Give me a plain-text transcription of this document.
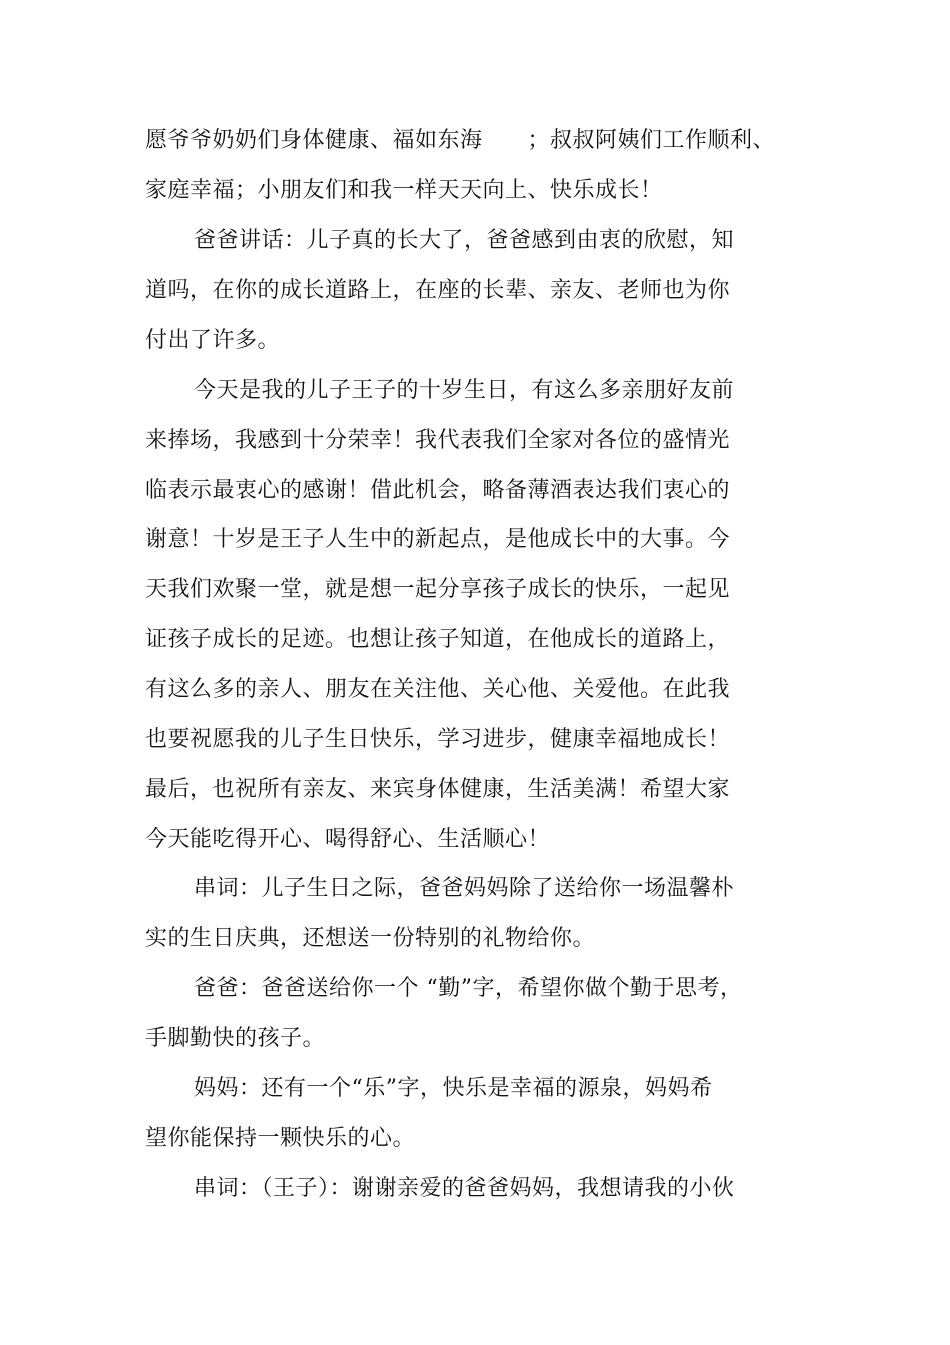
愿爷爷奶奶们身体健康、福如东海      ；叔叔阿姨们工作顺利、
家庭幸福；小朋友们和我一样天天向上、快乐成长！
爸爸讲话：儿子真的长大了，爸爸感到由衷的欣慰，知
道吗，在你的成长道路上，在座的长辈、亲友、老师也为你
付出了许多。
今天是我的儿子王子的十岁生日，有这么多亲朋好友前
来捧场，我感到十分荣幸！我代表我们全家对各位的盛情光
临表示最衷心的感谢！借此机会，略备薄酒表达我们衷心的
谢意！十岁是王子人生中的新起点，是他成长中的大事。今
天我们欢聚一堂，就是想一起分享孩子成长的快乐，一起见
证孩子成长的足迹。也想让孩子知道，在他成长的道路上，
有这么多的亲人、朋友在关注他、关心他、关爱他。在此我
也要祝愿我的儿子生日快乐，学习进步，健康幸福地成长！
最后，也祝所有亲友、来宾身体健康，生活美满！希望大家
今天能吃得开心、喝得舒心、生活顺心！
串词：儿子生日之际，爸爸妈妈除了送给你一场温馨朴
实的生日庆典，还想送一份特别的礼物给你。
爸爸：爸爸送给你一个 “勤”字，希望你做个勤于思考，
手脚勤快的孩子。
妈妈：还有一个“乐”字，快乐是幸福的源泉，妈妈希
望你能保持一颗快乐的心。
串词：（王子）：谢谢亲爱的爸爸妈妈，我想请我的小伙
